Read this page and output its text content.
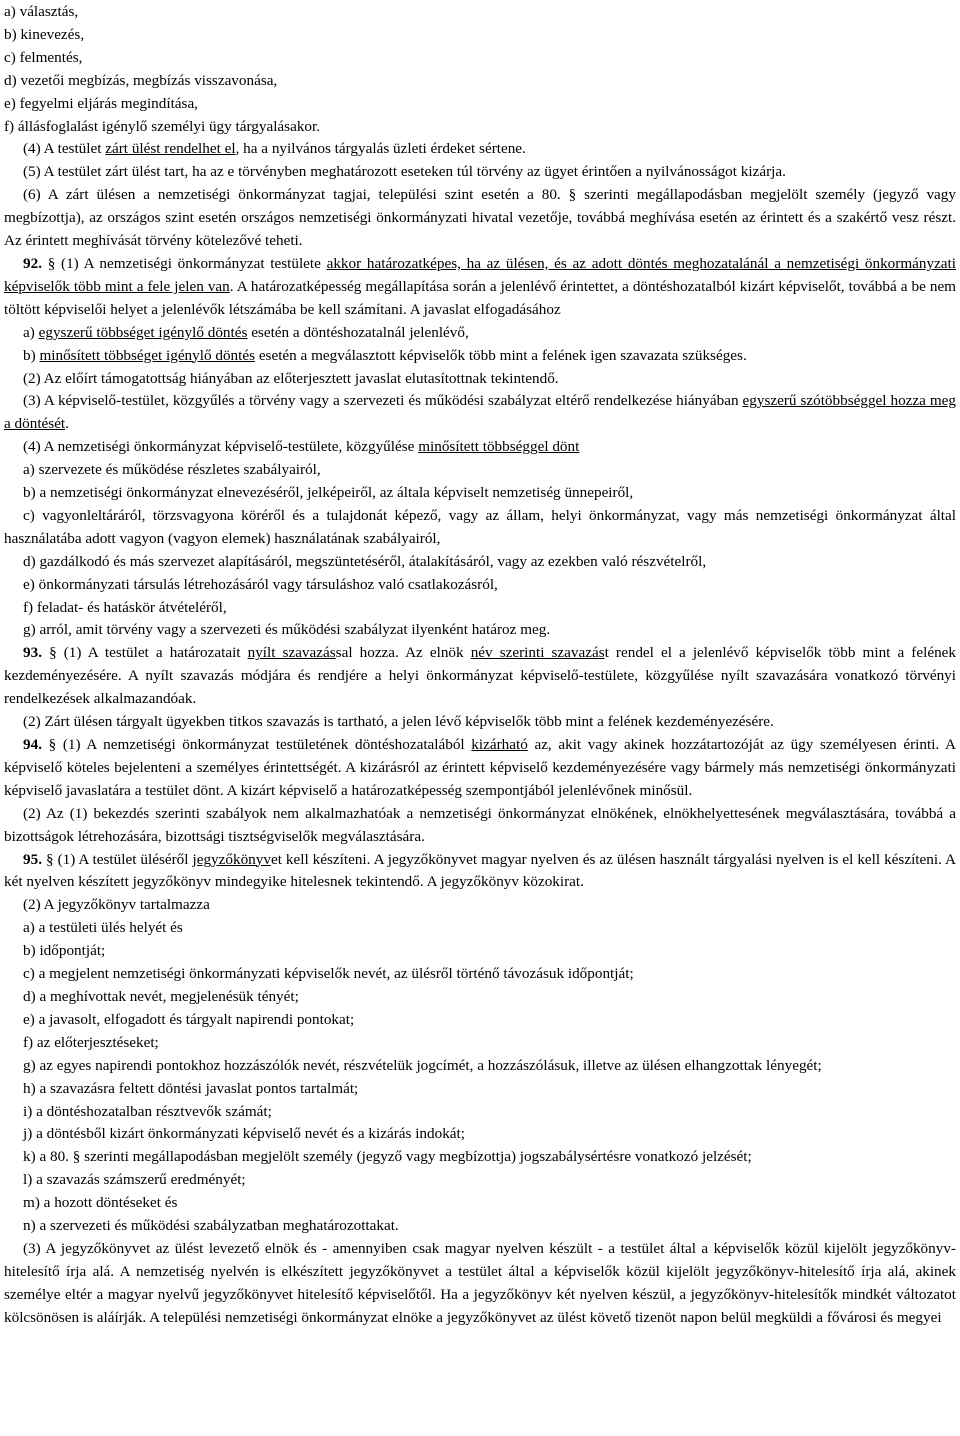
a) választás,

b) kinevezés,

c) felmentés,

d) vezetői megbízás, megbízás visszavonása,

e) fegyelmi eljárás megindítása,

f) állásfoglalást igénylő személyi ügy tárgyalásakor.

(4) A testület zárt ülést rendelhet el, ha a nyilvános tárgyalás üzleti érdeket sértene.

(5) A testület zárt ülést tart, ha az e törvényben meghatározott eseteken túl törvény az ügyet érintően a nyilvánosságot kizárja.

(6) A zárt ülésen a nemzetiségi önkormányzat tagjai, települési szint esetén a 80. § szerinti megállapodásban megjelölt személy (jegyző vagy megbízottja), az országos szint esetén országos nemzetiségi önkormányzati hivatal vezetője, továbbá meghívása esetén az érintett és a szakértő vesz részt. Az érintett meghívását törvény kötelezővé teheti.

92. § (1) A nemzetiségi önkormányzat testülete akkor határozatképes, ha az ülésen, és az adott döntés meghozatalánál a nemzetiségi önkormányzati képviselők több mint a fele jelen van. A határozatképesség megállapítása során a jelenlévő érintettet, a döntéshozatalból kizárt képviselőt, továbbá a be nem töltött képviselői helyet a jelenlévők létszámába be kell számítani. A javaslat elfogadásához

a) egyszerű többséget igénylő döntés esetén a döntéshozatalnál jelenlévő,

b) minősített többséget igénylő döntés esetén a megválasztott képviselők több mint a felének igen szavazata szükséges.

(2) Az előírt támogatottság hiányában az előterjesztett javaslat elutasítottnak tekintendő.

(3) A képviselő-testület, közgyűlés a törvény vagy a szervezeti és működési szabályzat eltérő rendelkezése hiányában egyszerű szótöbbséggel hozza meg a döntését.

(4) A nemzetiségi önkormányzat képviselő-testülete, közgyűlése minősített többséggel dönt

a) szervezete és működése részletes szabályairól,

b) a nemzetiségi önkormányzat elnevezéséről, jelképeiről, az általa képviselt nemzetiség ünnepeiről,

c) vagyonleltáráról, törzsvagyona köréről és a tulajdonát képező, vagy az állam, helyi önkormányzat, vagy más nemzetiségi önkormányzat által használatába adott vagyon (vagyon elemek) használatának szabályairól,

d) gazdálkodó és más szervezet alapításáról, megszüntetéséről, átalakításáról, vagy az ezekben való részvételről,

e) önkormányzati társulás létrehozásáról vagy társuláshoz való csatlakozásról,

f) feladat- és hatáskör átvételéről,

g) arról, amit törvény vagy a szervezeti és működési szabályzat ilyenként határoz meg.

93. § (1) A testület a határozatait nyílt szavazással hozza. Az elnök név szerinti szavazást rendel el a jelenlévő képviselők több mint a felének kezdeményezésére. A nyílt szavazás módjára és rendjére a helyi önkormányzat képviselő-testülete, közgyűlése nyílt szavazására vonatkozó törvényi rendelkezések alkalmazandóak.

(2) Zárt ülésen tárgyalt ügyekben titkos szavazás is tartható, a jelen lévő képviselők több mint a felének kezdeményezésére.

94. § (1) A nemzetiségi önkormányzat testületének döntéshozatalából kizárható az, akit vagy akinek hozzátartozóját az ügy személyesen érinti. A képviselő köteles bejelenteni a személyes érintettségét. A kizárásról az érintett képviselő kezdeményezésére vagy bármely más nemzetiségi önkormányzati képviselő javaslatára a testület dönt. A kizárt képviselő a határozatképesség szempontjából jelenlévőnek minősül.

(2) Az (1) bekezdés szerinti szabályok nem alkalmazhatóak a nemzetiségi önkormányzat elnökének, elnökhelyettesének megválasztására, továbbá a bizottságok létrehozására, bizottsági tisztségviselők megválasztására.

95. § (1) A testület üléséről jegyzőkönyvet kell készíteni. A jegyzőkönyvet magyar nyelven és az ülésen használt tárgyalási nyelven is el kell készíteni. A két nyelven készített jegyzőkönyv mindegyike hitelesnek tekintendő. A jegyzőkönyv közokirat.

(2) A jegyzőkönyv tartalmazza

a) a testületi ülés helyét és

b) időpontját;

c) a megjelent nemzetiségi önkormányzati képviselők nevét, az ülésről történő távozásuk időpontját;

d) a meghívottak nevét, megjelenésük tényét;

e) a javasolt, elfogadott és tárgyalt napirendi pontokat;

f) az előterjesztéseket;

g) az egyes napirendi pontokhoz hozzászólók nevét, részvételük jogcímét, a hozzászólásuk, illetve az ülésen elhangzottak lényegét;

h) a szavazásra feltett döntési javaslat pontos tartalmát;

i) a döntéshozatalban résztvevők számát;

j) a döntésből kizárt önkormányzati képviselő nevét és a kizárás indokát;

k) a 80. § szerinti megállapodásban megjelölt személy (jegyző vagy megbízottja) jogszabálysértésre vonatkozó jelzését;

l) a szavazás számszerű eredményét;

m) a hozott döntéseket és

n) a szervezeti és működési szabályzatban meghatározottakat.

(3) A jegyzőkönyvet az ülést levezető elnök és - amennyiben csak magyar nyelven készült - a testület által a képviselők közül kijelölt jegyzőkönyv-hitelesítő írja alá. A nemzetiség nyelvén is elkészített jegyzőkönyvet a testület által a képviselők közül kijelölt jegyzőkönyv-hitelesítő írja alá, akinek személye eltér a magyar nyelvű jegyzőkönyvet hitelesítő képviselőtől. Ha a jegyzőkönyv két nyelven készül, a jegyzőkönyv-hitelesítők mindkét változatot kölcsönösen is aláírják. A települési nemzetiségi önkormányzat elnöke a jegyzőkönyvet az ülést követő tizenöt napon belül megküldi a fővárosi és megyei
